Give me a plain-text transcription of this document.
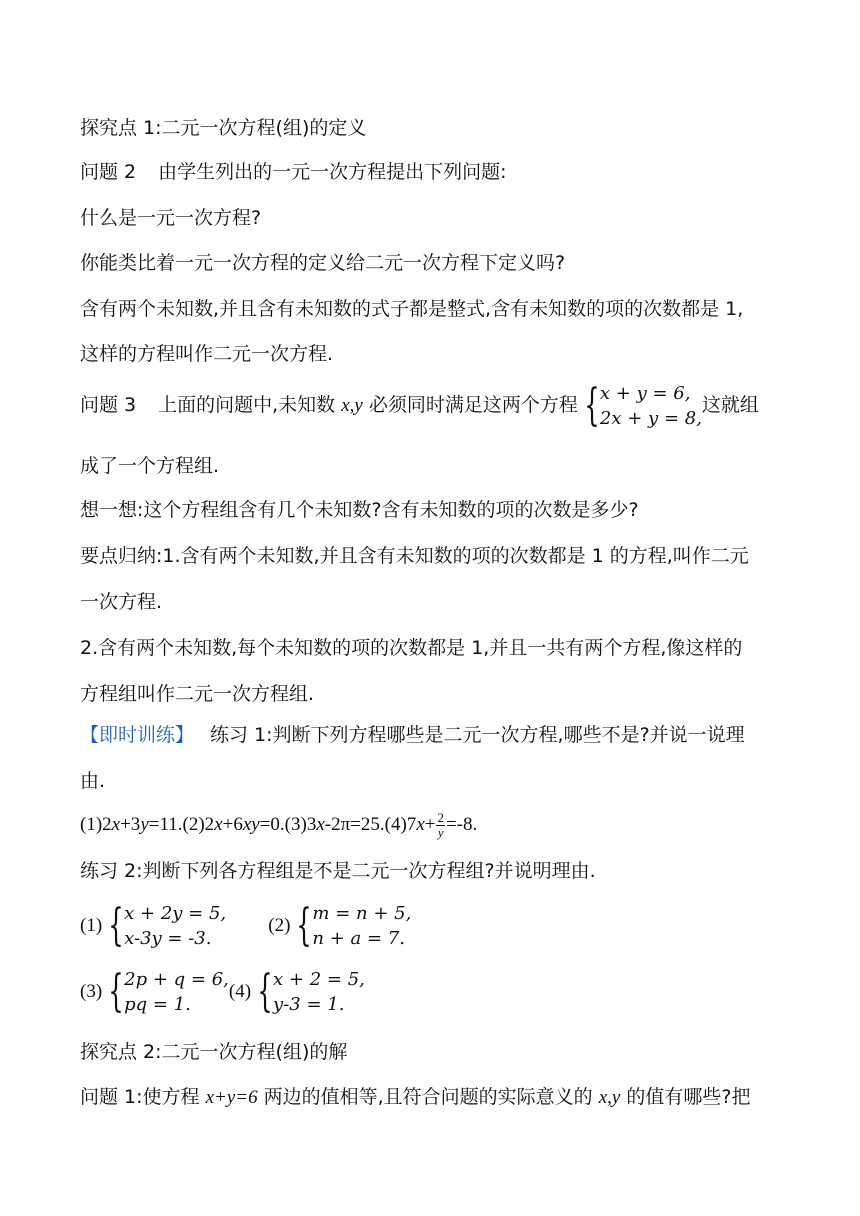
探究点 1:二元一次方程(组)的定义
问题 2 由学生列出的一元一次方程提出下列问题:
什么是一元一次方程?
你能类比着一元一次方程的定义给二元一次方程下定义吗?
含有两个未知数,并且含有未知数的式子都是整式,含有未知数的项的次数都是 1,
这样的方程叫作二元一次方程.
问题 3 上面的问题中,未知数 x,y 必须同时满足这两个方程 { x + y = 6,
2x + y = 8,
这就组
成了一个方程组.
想一想:这个方程组含有几个未知数?含有未知数的项的次数是多少?
要点归纳:1.含有两个未知数,并且含有未知数的项的次数都是 1 的方程,叫作二元
一次方程.
2.含有两个未知数,每个未知数的项的次数都是 1,并且一共有两个方程,像这样的
方程组叫作二元一次方程组.
【即时训练】 练习 1:判断下列方程哪些是二元一次方程,哪些不是?并说一说理
由.
$(1)2x+3y=11.(2)2x+6xy=0.(3)3x-2\pi=25.(4)7x+ \frac{2}{y} =-8$.
练习 2:判断下列各方程组是不是二元一次方程组?并说明理由.
(1) { x + 2y = 5,
x-3y = -3.
(2) { m = n + 5,
n + a = 7.
(3) { 2p + q = 6,
pq = 1.
(4) { x + 2 = 5,
y-3 = 1.
探究点 2:二元一次方程(组)的解
问题 1:使方程 x+y=6 两边的值相等,且符合问题的实际意义的 x,y 的值有哪些?把
